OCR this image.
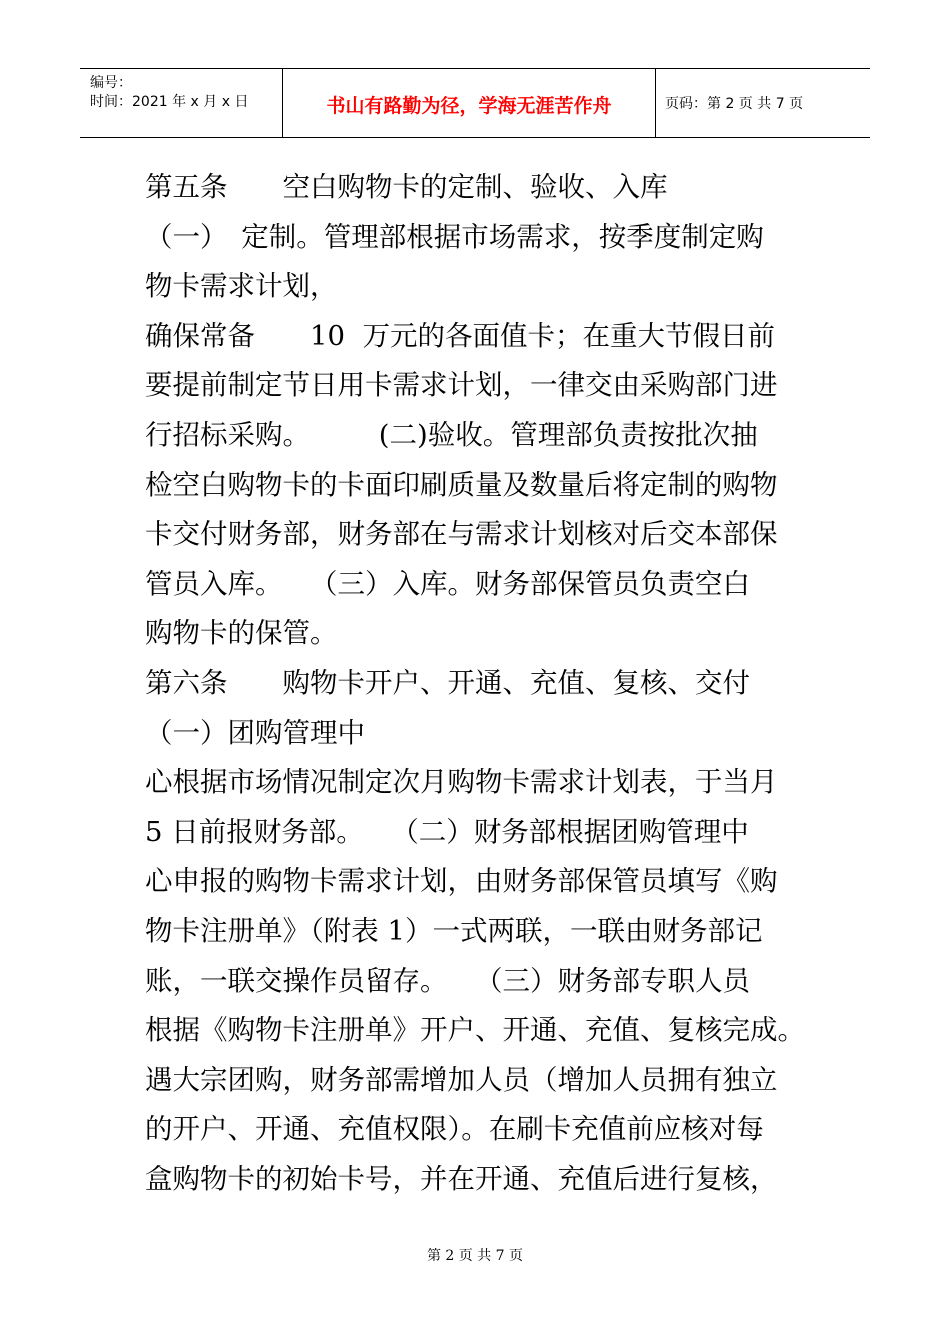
编号：
时间：2021 年 x 月 x 日	书山有路勤为径，学海无涯苦作舟	页码：第 2 页 共 7 页
第五条　　空白购物卡的定制、验收、入库
（一）　定制。管理部根据市场需求，按季度制定购
物卡需求计划，
确保常备　　10  万元的各面值卡；在重大节假日前
要提前制定节日用卡需求计划，一律交由采购部门进
行招标采购。　　　(二)验收。管理部负责按批次抽
检空白购物卡的卡面印刷质量及数量后将定制的购物
卡交付财务部，财务部在与需求计划核对后交本部保
管员入库。　　（三）入库。财务部保管员负责空白
购物卡的保管。
第六条　　购物卡开户、开通、充值、复核、交付
（一）团购管理中
心根据市场情况制定次月购物卡需求计划表，于当月
5 日前报财务部。　　（二）财务部根据团购管理中
心申报的购物卡需求计划，由财务部保管员填写《购
物卡注册单》（附表 1）一式两联，一联由财务部记
账，一联交操作员留存。　　（三）财务部专职人员
根据《购物卡注册单》开户、开通、充值、复核完成。
遇大宗团购，财务部需增加人员（增加人员拥有独立
的开户、开通、充值权限）。在刷卡充值前应核对每
盒购物卡的初始卡号，并在开通、充值后进行复核，
第 2 页 共 7 页
